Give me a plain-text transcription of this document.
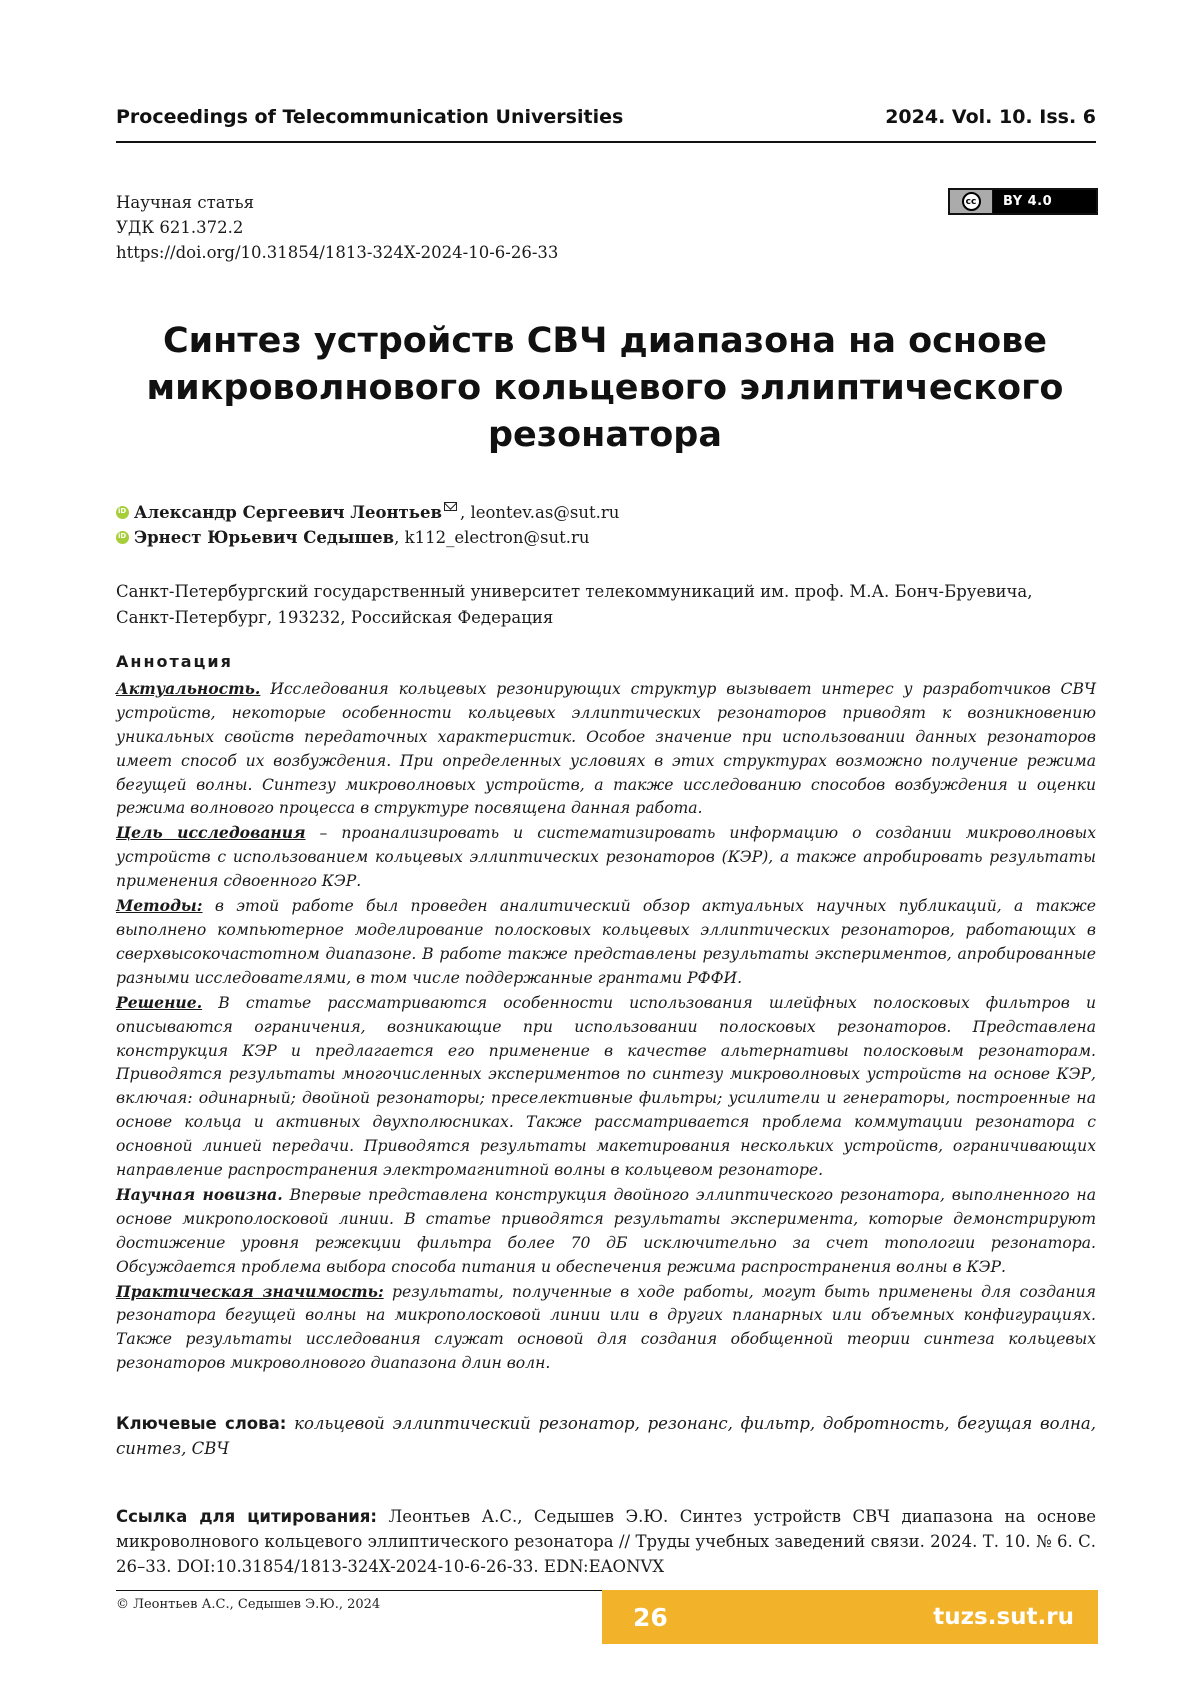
Proceedings of Telecommunication Universities	2024. Vol. 10. Iss. 6
Научная статья
УДК 621.372.2
https://doi.org/10.31854/1813-324X-2024-10-6-26-33
cc	BY 4.0
Синтез устройств СВЧ диапазона на основе микроволнового кольцевого эллиптического резонатора
iD
Александр Сергеевич Леонтьев , leontev.as@sut.ru
iD
Эрнест Юрьевич Седышев , k112_electron@sut.ru
Санкт-Петербургский государственный университет телекоммуникаций им. проф. М.А. Бонч-Бруевича, Санкт-Петербург, 193232, Российская Федерация
Аннотация

Актуальность. Исследования кольцевых резонирующих структур вызывает интерес у разработчиков СВЧ устройств, некоторые особенности кольцевых эллиптических резонаторов приводят к возникновению уникальных свойств передаточных характеристик. Особое значение при использовании данных резонаторов имеет способ их возбуждения. При определенных условиях в этих структурах возможно получение режима бегущей волны. Синтезу микроволновых устройств, а также исследованию способов возбуждения и оценки режима волнового процесса в структуре посвящена данная работа.

Цель исследования – проанализировать и систематизировать информацию о создании микроволновых устройств с использованием кольцевых эллиптических резонаторов (КЭР), а также апробировать результаты применения сдвоенного КЭР.

Методы: в этой работе был проведен аналитический обзор актуальных научных публикаций, а также выполнено компьютерное моделирование полосковых кольцевых эллиптических резонаторов, работающих в сверхвысокочастотном диапазоне. В работе также представлены результаты экспериментов, апробированные разными исследователями, в том числе поддержанные грантами РФФИ.

Решение. В статье рассматриваются особенности использования шлейфных полосковых фильтров и описываются ограничения, возникающие при использовании полосковых резонаторов. Представлена конструкция КЭР и предлагается его применение в качестве альтернативы полосковым резонаторам. Приводятся результаты многочисленных экспериментов по синтезу микроволновых устройств на основе КЭР, включая: одинарный; двойной резонаторы; преселективные фильтры; усилители и генераторы, построенные на основе кольца и активных двухполюсниках. Также рассматривается проблема коммутации резонатора с основной линией передачи. Приводятся результаты макетирования нескольких устройств, ограничивающих направление распространения электромагнитной волны в кольцевом резонаторе.

Научная новизна. Впервые представлена конструкция двойного эллиптического резонатора, выполненного на основе микрополосковой линии. В статье приводятся результаты эксперимента, которые демонстрируют достижение уровня режекции фильтра более 70 дБ исключительно за счет топологии резонатора. Обсуждается проблема выбора способа питания и обеспечения режима распространения волны в КЭР.

Практическая значимость: результаты, полученные в ходе работы, могут быть применены для создания резонатора бегущей волны на микрополосковой линии или в других планарных или объемных конфигурациях. Также результаты исследования служат основой для создания обобщенной теории синтеза кольцевых резонаторов микроволнового диапазона длин волн.

Ключевые слова: кольцевой эллиптический резонатор, резонанс, фильтр, добротность, бегущая волна, синтез, СВЧ
Ссылка для цитирования: Леонтьев А.С., Седышев Э.Ю. Синтез устройств СВЧ диапазона на основе микроволнового кольцевого эллиптического резонатора // Труды учебных заведений связи. 2024. Т. 10. № 6. С. 26–33. DOI:10.31854/1813-324X-2024-10-6-26-33. EDN:EAONVX
© Леонтьев А.С., Седышев Э.Ю., 2024	26	tuzs.sut.ru
